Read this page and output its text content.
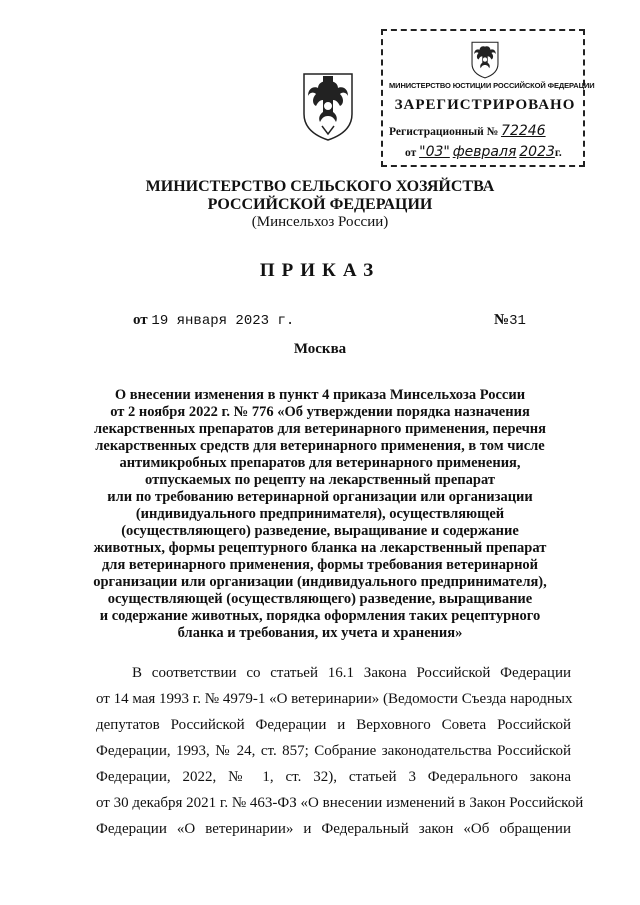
МИНИСТЕРСТВО ЮСТИЦИИ РОССИЙСКОЙ ФЕДЕРАЦИИ
ЗАРЕГИСТРИРОВАНО
Регистрационный № 72246
от "03" февраля 2023г.
МИНИСТЕРСТВО СЕЛЬСКОГО ХОЗЯЙСТВА
РОССИЙСКОЙ ФЕДЕРАЦИИ
(Минсельхоз России)
ПРИКАЗ
от 19 января 2023 г.	№31
Москва
О внесении изменения в пункт 4 приказа Минсельхоза России
от 2 ноября 2022 г. № 776 «Об утверждении порядка назначения
лекарственных препаратов для ветеринарного применения, перечня
лекарственных средств для ветеринарного применения, в том числе
антимикробных препаратов для ветеринарного применения,
отпускаемых по рецепту на лекарственный препарат
или по требованию ветеринарной организации или организации
(индивидуального предпринимателя), осуществляющей
(осуществляющего) разведение, выращивание и содержание
животных, формы рецептурного бланка на лекарственный препарат
для ветеринарного применения, формы требования ветеринарной
организации или организации (индивидуального предпринимателя),
осуществляющей (осуществляющего) разведение, выращивание
и содержание животных, порядка оформления таких рецептурного
бланка и требования, их учета и хранения»
В соответствии со статьей 16.1 Закона Российской Федерации
от 14 мая 1993 г. № 4979-1 «О ветеринарии» (Ведомости Съезда народных
депутатов Российской Федерации и Верховного Совета Российской
Федерации, 1993, № 24, ст. 857; Собрание законодательства Российской
Федерации, 2022, № 1, ст. 32), статьей 3 Федерального закона
от 30 декабря 2021 г. № 463-ФЗ «О внесении изменений в Закон Российской
Федерации «О ветеринарии» и Федеральный закон «Об обращении
